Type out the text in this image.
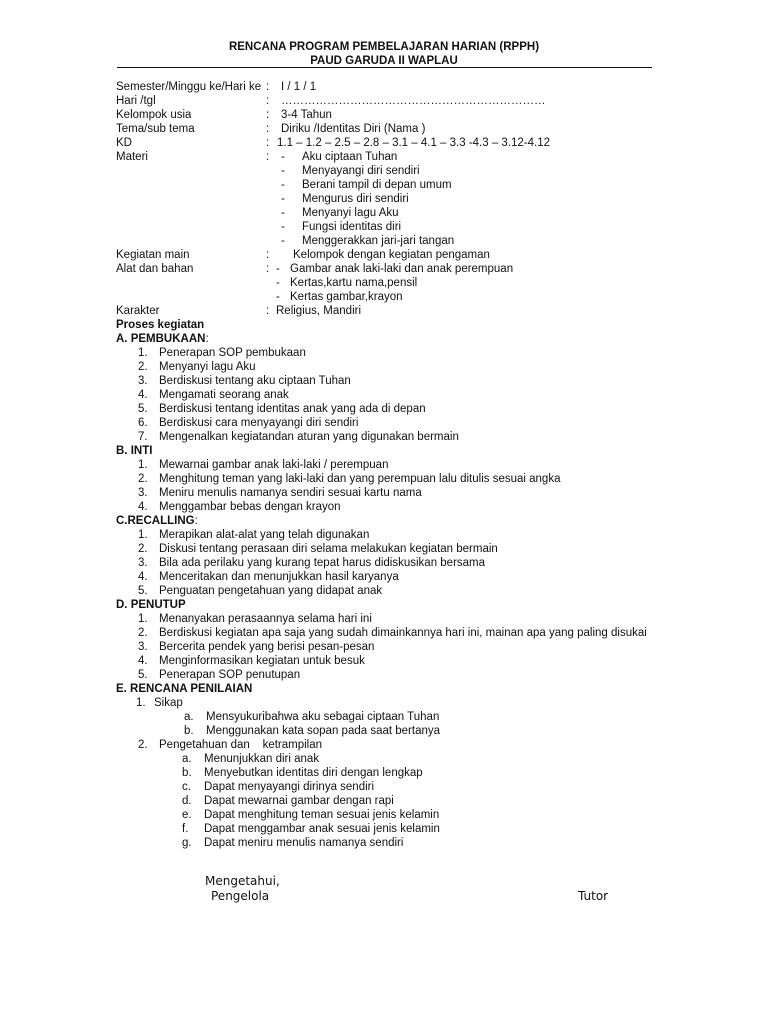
RENCANA PROGRAM PEMBELAJARAN HARIAN (RPPH)
PAUD GARUDA II WAPLAU
Semester/Minggu ke/Hari ke : I / 1 / 1
Hari /tgl	: ……………………………………………………………
Kelompok usia	: 3-4 Tahun
Tema/sub tema	: Diriku /Identitas Diri (Nama )
KD	: 1.1 – 1.2 – 2.5 – 2.8 – 3.1 – 4.1 – 3.3 -4.3 – 3.12-4.12
Materi	: - Aku ciptaan Tuhan
- Menyayangi diri sendiri
- Berani tampil di depan umum
- Mengurus diri sendiri
- Menyanyi lagu Aku
- Fungsi identitas diri
- Menggerakkan jari-jari tangan
Kegiatan main	: Kelompok dengan kegiatan pengaman
Alat dan bahan	: - Gambar anak laki-laki dan anak perempuan
- Kertas,kartu nama,pensil
- Kertas gambar,krayon
Karakter	: Religius, Mandiri
Proses kegiatan
A. PEMBUKAAN:
1. Penerapan SOP pembukaan
2. Menyanyi lagu Aku
3. Berdiskusi tentang aku ciptaan Tuhan
4. Mengamati seorang anak
5. Berdiskusi tentang identitas anak yang ada di depan
6. Berdiskusi cara menyayangi diri sendiri
7. Mengenalkan kegiatandan aturan yang digunakan bermain
B. INTI
1. Mewarnai gambar anak laki-laki / perempuan
2. Menghitung teman yang laki-laki dan yang perempuan lalu ditulis sesuai angka
3. Meniru menulis namanya sendiri sesuai kartu nama
4. Menggambar bebas dengan krayon
C.RECALLING:
1. Merapikan alat-alat yang telah digunakan
2. Diskusi tentang perasaan diri selama melakukan kegiatan bermain
3. Bila ada perilaku yang kurang tepat harus didiskusikan bersama
4. Menceritakan dan menunjukkan hasil karyanya
5. Penguatan pengetahuan yang didapat anak
D. PENUTUP
1. Menanyakan perasaannya selama hari ini
2. Berdiskusi kegiatan apa saja yang sudah dimainkannya hari ini, mainan apa yang paling disukai
3. Bercerita pendek yang berisi pesan-pesan
4. Menginformasikan kegiatan untuk besuk
5. Penerapan SOP penutupan
E. RENCANA PENILAIAN
1. Sikap
a. Mensyukuribahwa aku sebagai ciptaan Tuhan
b. Menggunakan kata sopan pada saat bertanya
2. Pengetahuan dan    ketrampilan
a. Menunjukkan diri anak
b. Menyebutkan identitas diri dengan lengkap
c. Dapat menyayangi dirinya sendiri
d. Dapat mewarnai gambar dengan rapi
e. Dapat menghitung teman sesuai jenis kelamin
f. Dapat menggambar anak sesuai jenis kelamin
g. Dapat meniru menulis namanya sendiri
Mengetahui,
Pengelola	Tutor
